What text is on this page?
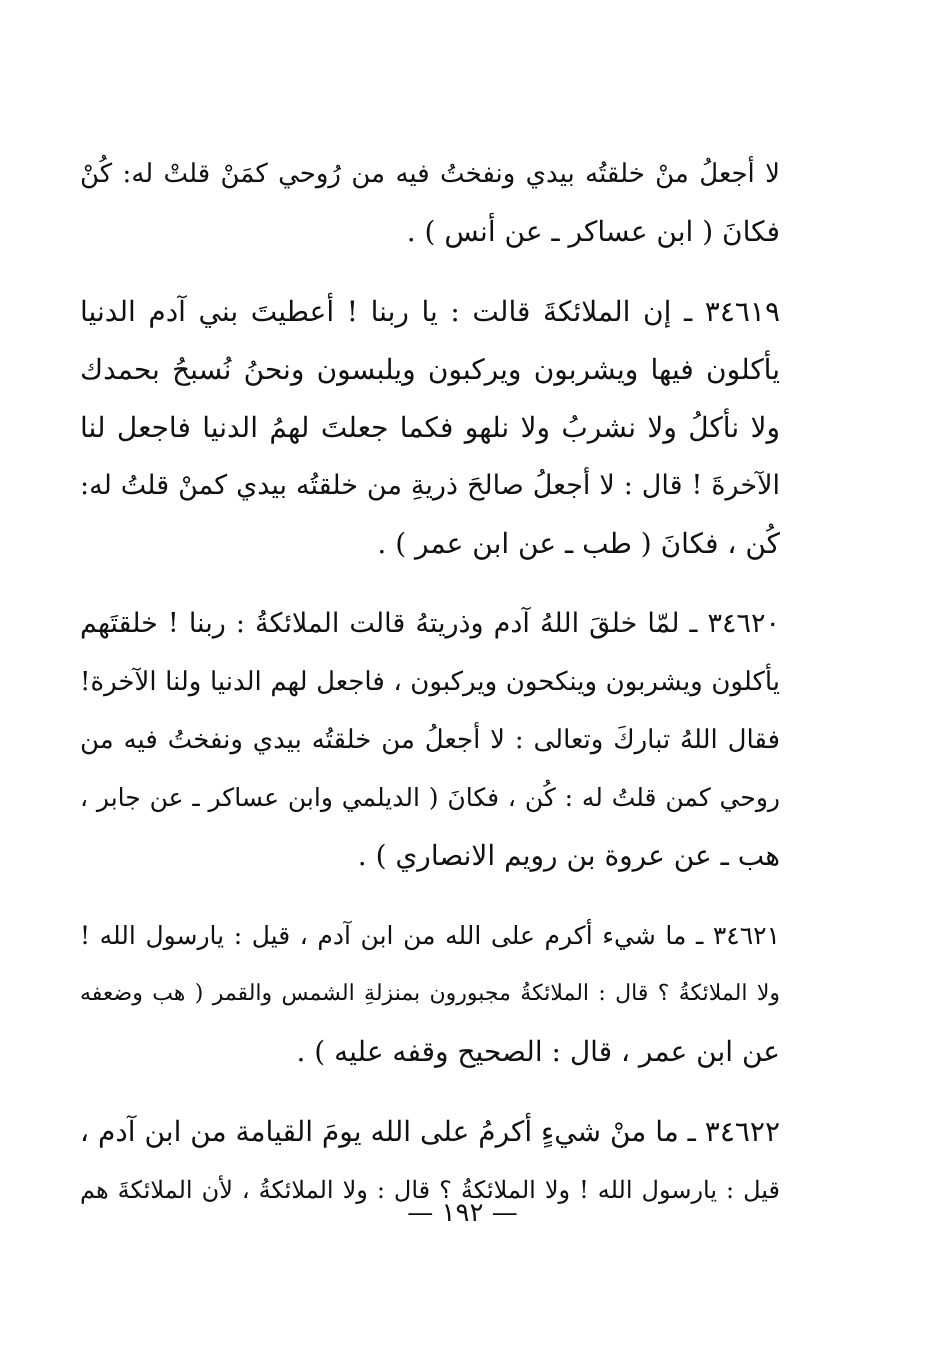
لا أجعلُ منْ خلقتُه بيدي ونفختُ فيه من رُوحي كمَنْ قلتْ له: كُنْ
فكانَ ( ابن عساكر ـ عن أنس ) .
٣٤٦١٩ ـ إن الملائكةَ قالت : يا ربنا ! أعطيتَ بني آدم الدنيا
يأكلون فيها ويشربون ويركبون ويلبسون ونحنُ نُسبحُ بحمدك
ولا نأكلُ ولا نشربُ ولا نلهو فكما جعلتَ لهمُ الدنيا فاجعل لنا
الآخرةَ ! قال : لا أجعلُ صالحَ ذريةِ من خلقتُه بيدي كمنْ قلتُ له:
كُن ، فكانَ ( طب ـ عن ابن عمر ) .
٣٤٦٢٠ ـ لمّا خلقَ اللهُ آدم وذريتهُ قالت الملائكةُ : ربنا ! خلقتَهم
يأكلون ويشربون وينكحون ويركبون ، فاجعل لهم الدنيا ولنا الآخرة!
فقال اللهُ تباركَ وتعالى : لا أجعلُ من خلقتُه بيدي ونفختُ فيه من
روحي كمن قلتُ له : كُن ، فكانَ ( الديلمي وابن عساكر ـ عن جابر ،
هب ـ عن عروة بن رويم الانصاري ) .
٣٤٦٢١ ـ ما شيء أكرم على الله من ابن آدم ، قيل : يارسول الله !
ولا الملائكةُ ؟ قال : الملائكةُ مجبورون بمنزلةِ الشمس والقمر ( هب وضعفه
عن ابن عمر ، قال : الصحيح وقفه عليه ) .
٣٤٦٢٢ ـ ما منْ شيءٍ أكرمُ على الله يومَ القيامة من ابن آدم ،
قيل : يارسول الله ! ولا الملائكةُ ؟ قال : ولا الملائكةُ ، لأن الملائكةَ هم
— ١٩٢ —
